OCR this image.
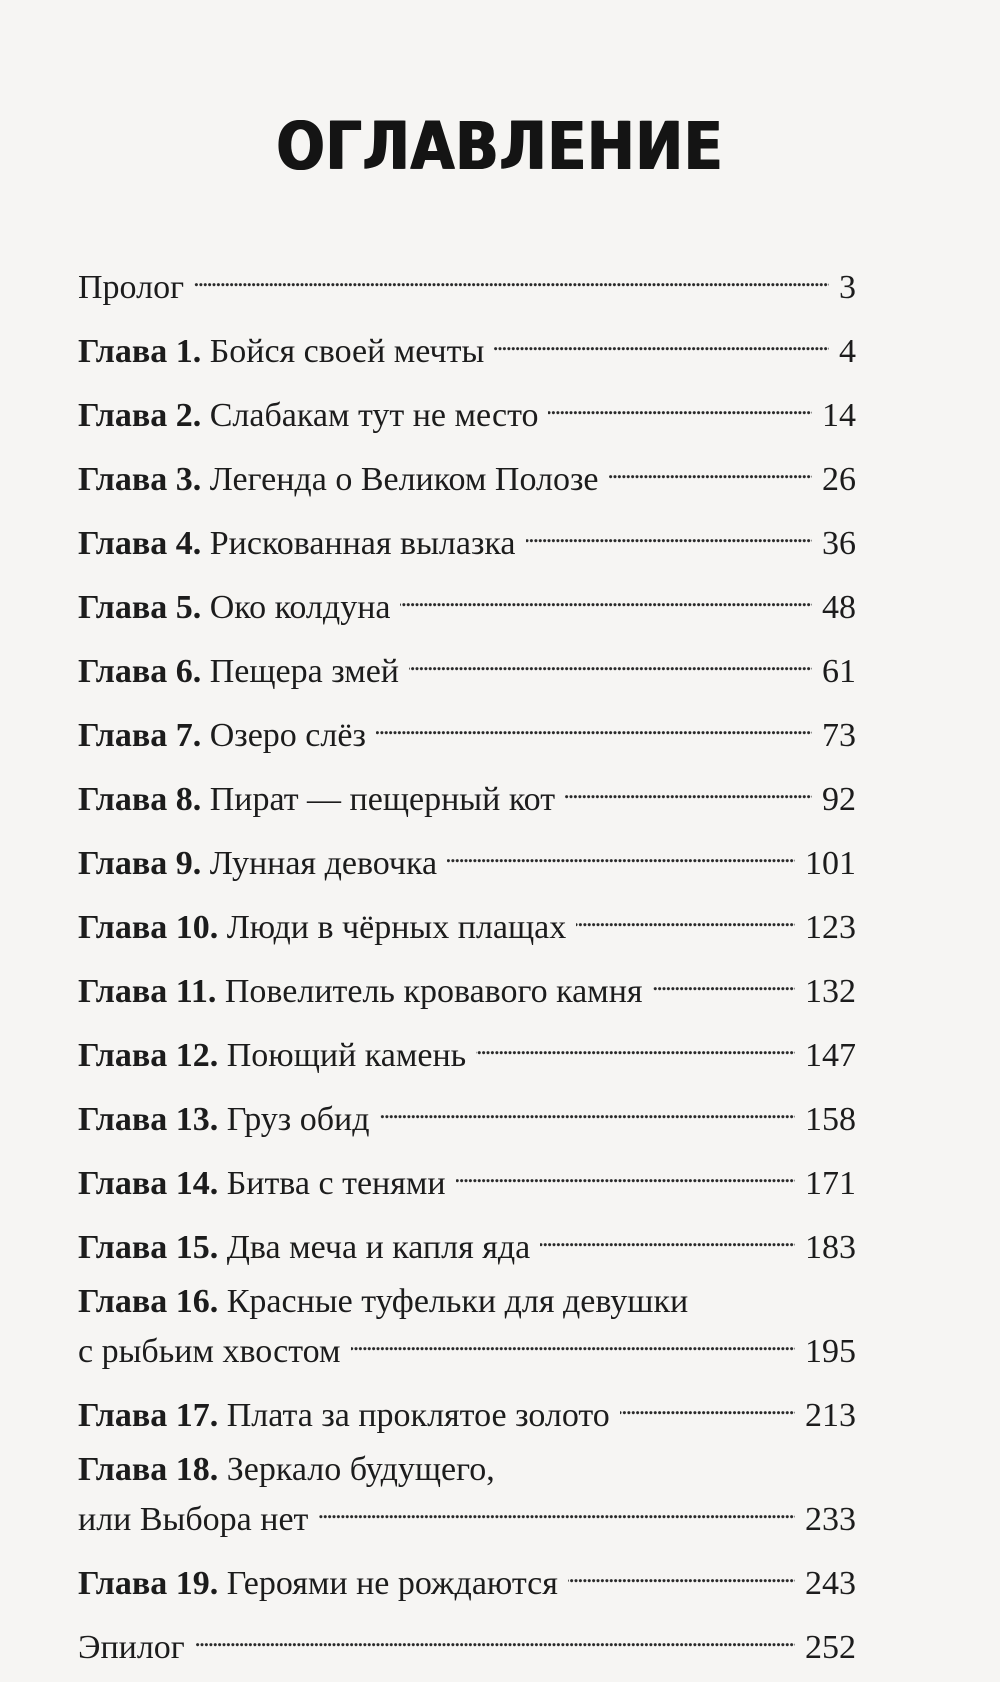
ОГЛАВЛЕНИЕ
Пролог . . .	3
Глава 1. Бойся своей мечты . . .	4
Глава 2. Слабакам тут не место . . .	14
Глава 3. Легенда о Великом Полозе . . .	26
Глава 4. Рискованная вылазка . . .	36
Глава 5. Око колдуна . . .	48
Глава 6. Пещера змей . . .	61
Глава 7. Озеро слёз . . .	73
Глава 8. Пират — пещерный кот . . .	92
Глава 9. Лунная девочка . . .	101
Глава 10. Люди в чёрных плащах . . .	123
Глава 11. Повелитель кровавого камня . . .	132
Глава 12. Поющий камень . . .	147
Глава 13. Груз обид . . .	158
Глава 14. Битва с тенями . . .	171
Глава 15. Два меча и капля яда . . .	183
Глава 16. Красные туфельки для девушки
с рыбьим хвостом . . .	195
Глава 17. Плата за проклятое золото . . .	213
Глава 18. Зеркало будущего,
или Выбора нет . . .	233
Глава 19. Героями не рождаются . . .	243
Эпилог . . .	252
